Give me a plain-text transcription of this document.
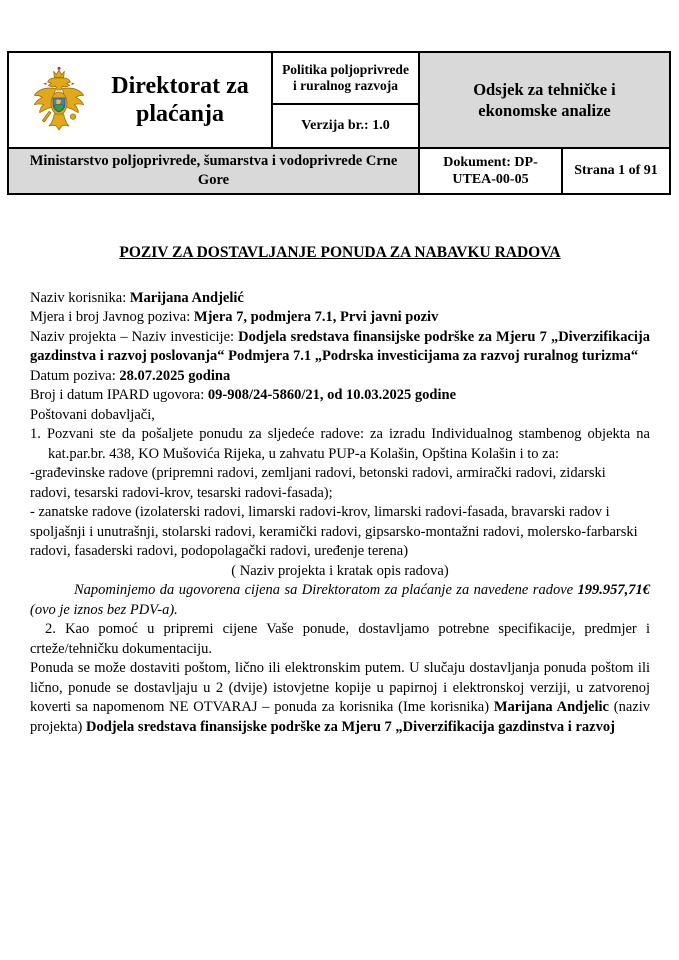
Direktorat za plaćanja
Politika poljoprivrede i ruralnog razvoja
Verzija br.: 1.0
Odsjek za tehničke i ekonomske analize
Ministarstvo poljoprivrede, šumarstva i vodoprivrede Crne Gore
Dokument: DP-UTEA-00-05
Strana 1 of 91

POZIV ZA DOSTAVLJANJE PONUDA ZA NABAVKU RADOVA

Naziv korisnika: Marijana Andjelić
Mjera i broj Javnog poziva: Mjera 7, podmjera 7.1, Prvi javni poziv
Naziv projekta – Naziv investicije: Dodjela sredstava finansijske podrške za Mjeru 7 „Diverzifikacija gazdinstva i razvoj poslovanja“ Podmjera 7.1 „Podrska investicijama za razvoj ruralnog turizma“
Datum poziva: 28.07.2025 godina
Broj i datum IPARD ugovora: 09-908/24-5860/21, od 10.03.2025 godine

Poštovani dobavljači,

1. Pozvani ste da pošaljete ponudu za sljedeće radove: za izradu Individualnog stambenog objekta na kat.par.br. 438, KO Mušovića Rijeka, u zahvatu PUP-a Kolašin, Opština Kolašin i to za:

-građevinske radove (pripremni radovi, zemljani radovi, betonski radovi, armirački radovi, zidarski radovi, tesarski radovi-krov, tesarski radovi-fasada);

- zanatske radove (izolaterski radovi, limarski radovi-krov, limarski radovi-fasada, bravarski radov i spoljašnji i unutrašnji, stolarski radovi, keramički radovi, gipsarsko-montažni radovi, molersko-farbarski radovi, fasaderski radovi, podopolagački radovi, uređenje terena)

( Naziv projekta i kratak opis radova)

Napominjemo da ugovorena cijena sa Direktoratom za plaćanje za navedene radove 199.957,71€ (ovo je iznos bez PDV-a).

2. Kao pomoć u pripremi cijene Vaše ponude, dostavljamo potrebne specifikacije, predmjer i crteže/tehničku dokumentaciju.

Ponuda se može dostaviti poštom, lično ili elektronskim putem. U slučaju dostavljanja ponuda poštom ili lično, ponude se dostavljaju u 2 (dvije) istovjetne kopije u papirnoj i elektronskoj verziji, u zatvorenoj koverti sa napomenom NE OTVARAJ – ponuda za korisnika (Ime korisnika) Marijana Andjelic (naziv projekta) Dodjela sredstava finansijske podrške za Mjeru 7 „Diverzifikacija gazdinstva i razvoj
